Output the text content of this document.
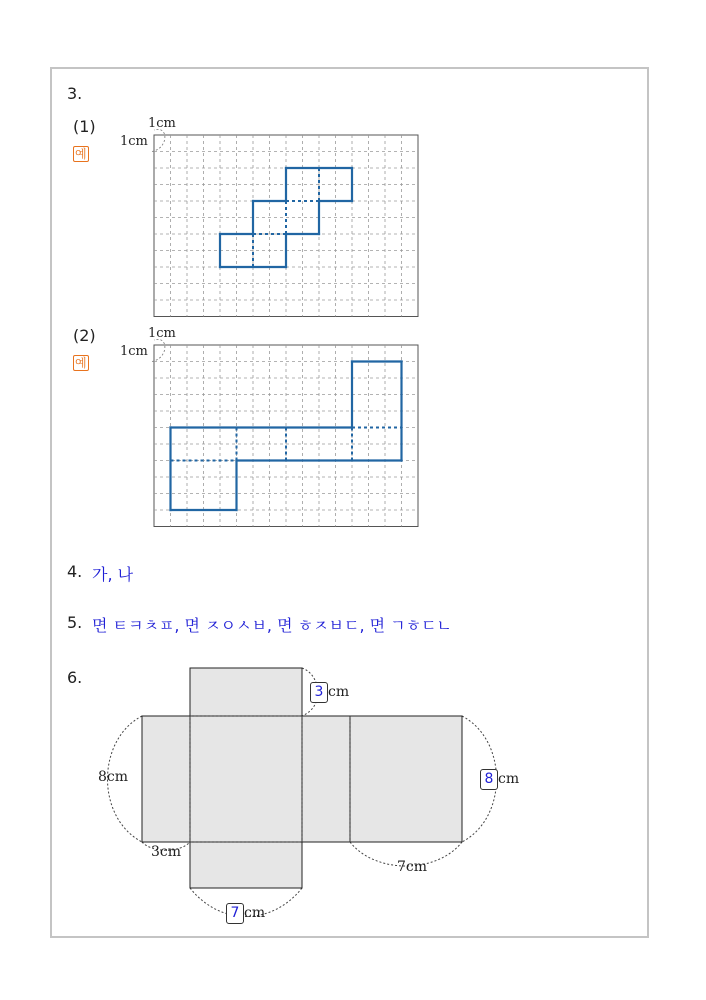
3.
(1)
예
1cm
1cm
(2)
예
1cm
1cm
4. 가, 나
5. 면 ㅌㅋㅊㅍ, 면 ㅈㅇㅅㅂ, 면 ㅎㅈㅂㄷ, 면 ㄱㅎㄷㄴ
6.
3 cm
8 cm
7 cm
8cm
3cm
7cm
